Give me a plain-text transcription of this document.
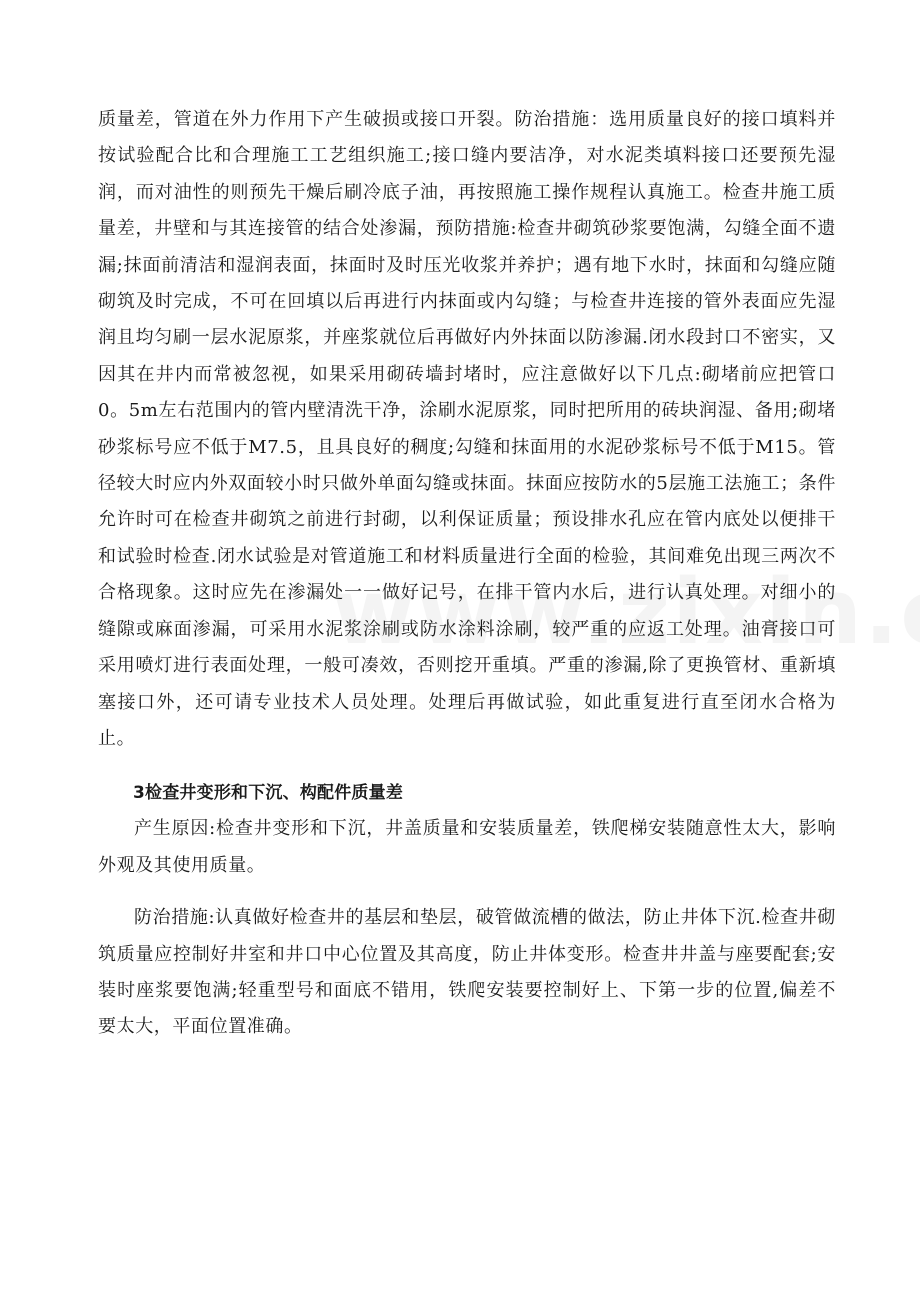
质量差，管道在外力作用下产生破损或接口开裂。防治措施：选用质量良好的接口填料并按试验配合比和合理施工工艺组织施工;接口缝内要洁净，对水泥类填料接口还要预先湿润，而对油性的则预先干燥后刷冷底子油，再按照施工操作规程认真施工。检查井施工质量差，井壁和与其连接管的结合处渗漏，预防措施:检查井砌筑砂浆要饱满，勾缝全面不遗漏;抹面前清洁和湿润表面，抹面时及时压光收浆并养护；遇有地下水时，抹面和勾缝应随砌筑及时完成，不可在回填以后再进行内抹面或内勾缝；与检查井连接的管外表面应先湿润且均匀刷一层水泥原浆，并座浆就位后再做好内外抹面以防渗漏.闭水段封口不密实，又因其在井内而常被忽视，如果采用砌砖墙封堵时，应注意做好以下几点:砌堵前应把管口0。5m左右范围内的管内壁清洗干净，涂刷水泥原浆，同时把所用的砖块润湿、备用;砌堵砂浆标号应不低于M7.5，且具良好的稠度;勾缝和抹面用的水泥砂浆标号不低于M15。管径较大时应内外双面较小时只做外单面勾缝或抹面。抹面应按防水的5层施工法施工；条件允许时可在检查井砌筑之前进行封砌，以利保证质量；预设排水孔应在管内底处以便排干和试验时检查.闭水试验是对管道施工和材料质量进行全面的检验，其间难免出现三两次不合格现象。这时应先在渗漏处一一做好记号，在排干管内水后，进行认真处理。对细小的缝隙或麻面渗漏，可采用水泥浆涂刷或防水涂料涂刷，较严重的应返工处理。油膏接口可采用喷灯进行表面处理，一般可凑效，否则挖开重填。严重的渗漏,除了更换管材、重新填塞接口外，还可请专业技术人员处理。处理后再做试验，如此重复进行直至闭水合格为止。

3检查井变形和下沉、构配件质量差

产生原因:检查井变形和下沉，井盖质量和安装质量差，铁爬梯安装随意性太大，影响外观及其使用质量。

防治措施:认真做好检查井的基层和垫层，破管做流槽的做法，防止井体下沉.检查井砌筑质量应控制好井室和井口中心位置及其高度，防止井体变形。检查井井盖与座要配套;安装时座浆要饱满;轻重型号和面底不错用，铁爬安装要控制好上、下第一步的位置,偏差不要太大，平面位置准确。
